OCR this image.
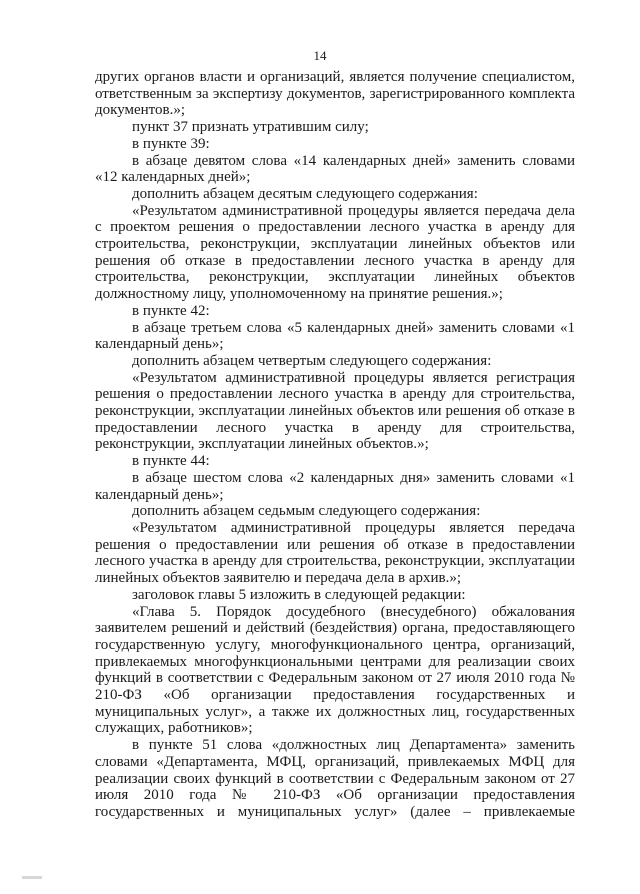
14

других органов власти и организаций, является получение специалистом, ответственным за экспертизу документов, зарегистрированного комплекта документов.»;

пункт 37 признать утратившим силу;

в пункте 39:

в абзаце девятом слова «14 календарных дней» заменить словами «12 календарных дней»;

дополнить абзацем десятым следующего содержания:

«Результатом административной процедуры является передача дела с проектом решения о предоставлении лесного участка в аренду для строительства, реконструкции, эксплуатации линейных объектов или решения об отказе в предоставлении лесного участка в аренду для строительства, реконструкции, эксплуатации линейных объектов должностному лицу, уполномоченному на принятие решения.»;

в пункте 42:

в абзаце третьем слова «5 календарных дней» заменить словами «1 календарный день»;

дополнить абзацем четвертым следующего содержания:

«Результатом административной процедуры является регистрация решения о предоставлении лесного участка в аренду для строительства, реконструкции, эксплуатации линейных объектов или решения об отказе в предоставлении лесного участка в аренду для строительства, реконструкции, эксплуатации линейных объектов.»;

в пункте 44:

в абзаце шестом слова «2 календарных дня» заменить словами «1 календарный день»;

дополнить абзацем седьмым следующего содержания:

«Результатом административной процедуры является передача решения о предоставлении или решения об отказе в предоставлении лесного участка в аренду для строительства, реконструкции, эксплуатации линейных объектов заявителю и передача дела в архив.»;

заголовок главы 5 изложить в следующей редакции:

«Глава 5. Порядок досудебного (внесудебного) обжалования заявителем решений и действий (бездействия) органа, предоставляющего государственную услугу, многофункционального центра, организаций, привлекаемых многофункциональными центрами для реализации своих функций в соответствии с Федеральным законом от 27 июля 2010 года № 210-ФЗ «Об организации предоставления государственных и муниципальных услуг», а также их должностных лиц, государственных служащих, работников»;

в пункте 51 слова «должностных лиц Департамента» заменить словами «Департамента, МФЦ, организаций, привлекаемых МФЦ для реализации своих функций в соответствии с Федеральным законом от 27 июля 2010 года № 210-ФЗ «Об организации предоставления государственных и муниципальных услуг» (далее – привлекаемые
